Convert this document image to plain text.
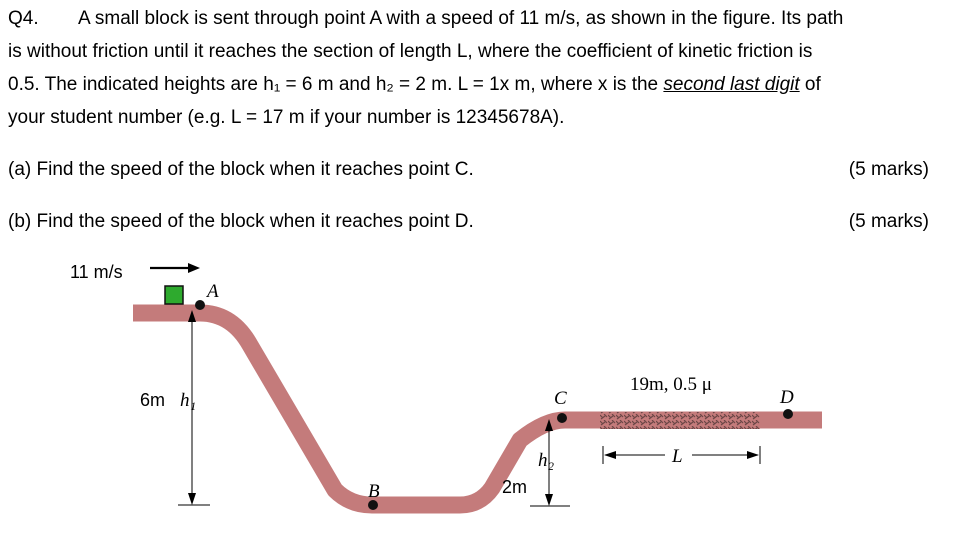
Q4. A small block is sent through point A with a speed of 11 m/s, as shown in the figure. Its path
is without friction until it reaches the section of length L, where the coefficient of kinetic friction is
0.5. The indicated heights are h₁ = 6 m and h₂ = 2 m. L = 1x m, where x is the second last digit of
your student number (e.g. L = 17 m if your number is 12345678A).
(a) Find the speed of the block when it reaches point C.	(5 marks)
(b) Find the speed of the block when it reaches point D.	(5 marks)
11 m/s
A
B
C	D
6m h₁
2m
h₂
19m, 0.5 μ
L
